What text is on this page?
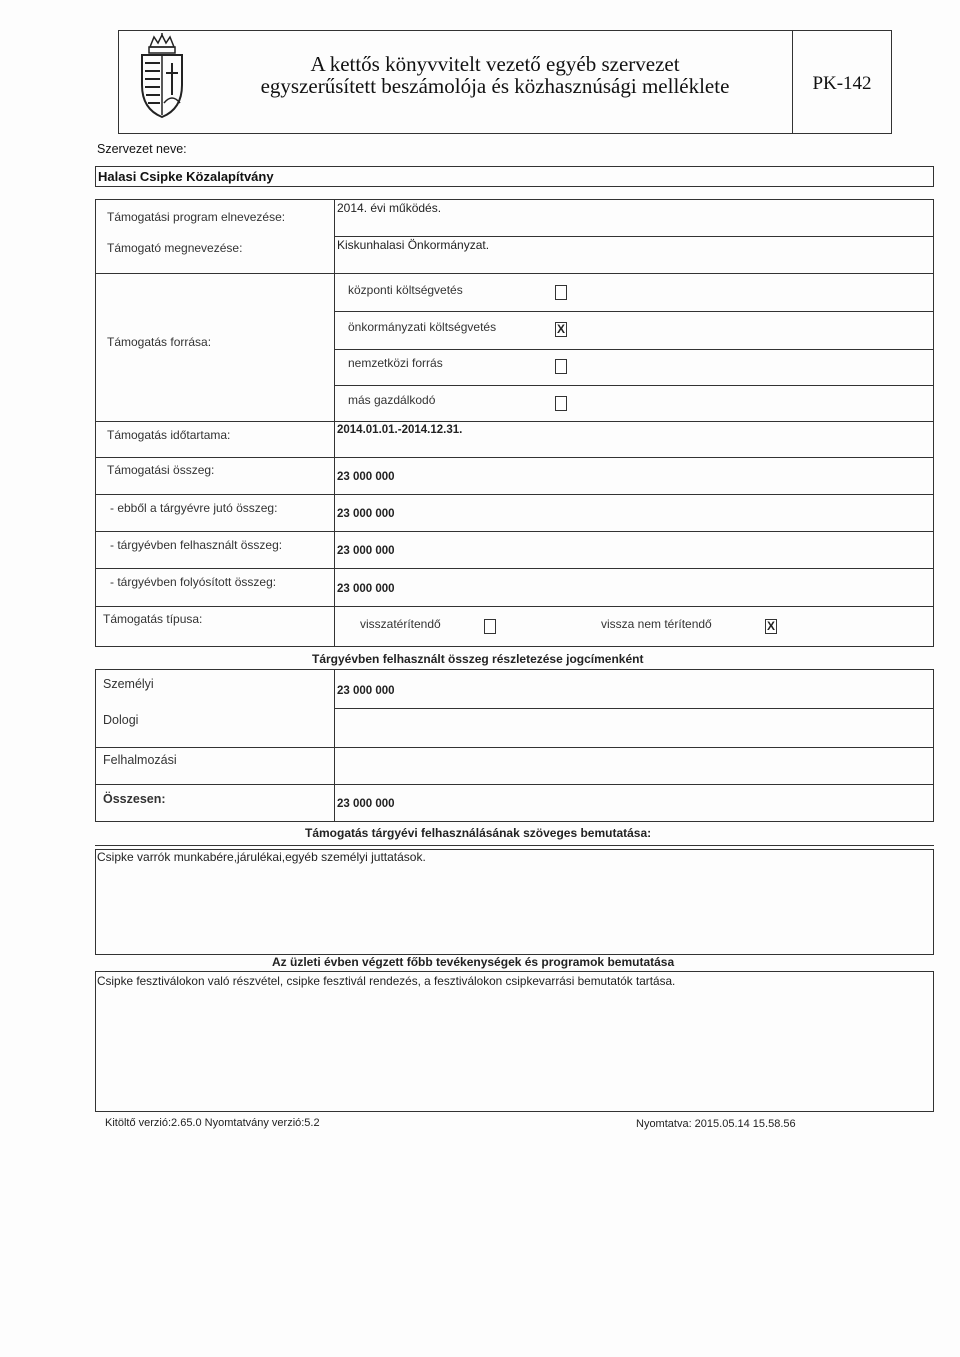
A kettős könyvvitelt vezető egyéb szervezet
egyszerűsített beszámolója és közhasznúsági melléklete	PK-142
Szervezet neve:
Halasi Csipke Közalapítvány
Támogatási program elnevezése:
2014. évi működés.
Támogató megnevezése:	Kiskunhalasi Önkormányzat.
Támogatás forrása:
központi költségvetés
önkormányzati költségvetés	X
nemzetközi forrás
más gazdálkodó
Támogatás időtartama:	2014.01.01.-2014.12.31.
Támogatási összeg:	23 000 000
- ebből a tárgyévre jutó összeg:	23 000 000
- tárgyévben felhasznált összeg:	23 000 000
- tárgyévben folyósított összeg:	23 000 000
Támogatás típusa:	visszatérítendő	vissza nem térítendő	X
Tárgyévben felhasznált összeg részletezése jogcímenként
Személyi	23 000 000
Dologi
Felhalmozási
Összesen:	23 000 000
Támogatás tárgyévi felhasználásának szöveges bemutatása:
Csipke varrók munkabére,járulékai,egyéb személyi juttatások.
Az üzleti évben végzett főbb tevékenységek és programok bemutatása
Csipke fesztiválokon való részvétel, csipke fesztivál rendezés, a fesztiválokon csipkevarrási bemutatók tartása.
Kitöltő verzió:2.65.0 Nyomtatvány verzió:5.2	Nyomtatva: 2015.05.14 15.58.56
